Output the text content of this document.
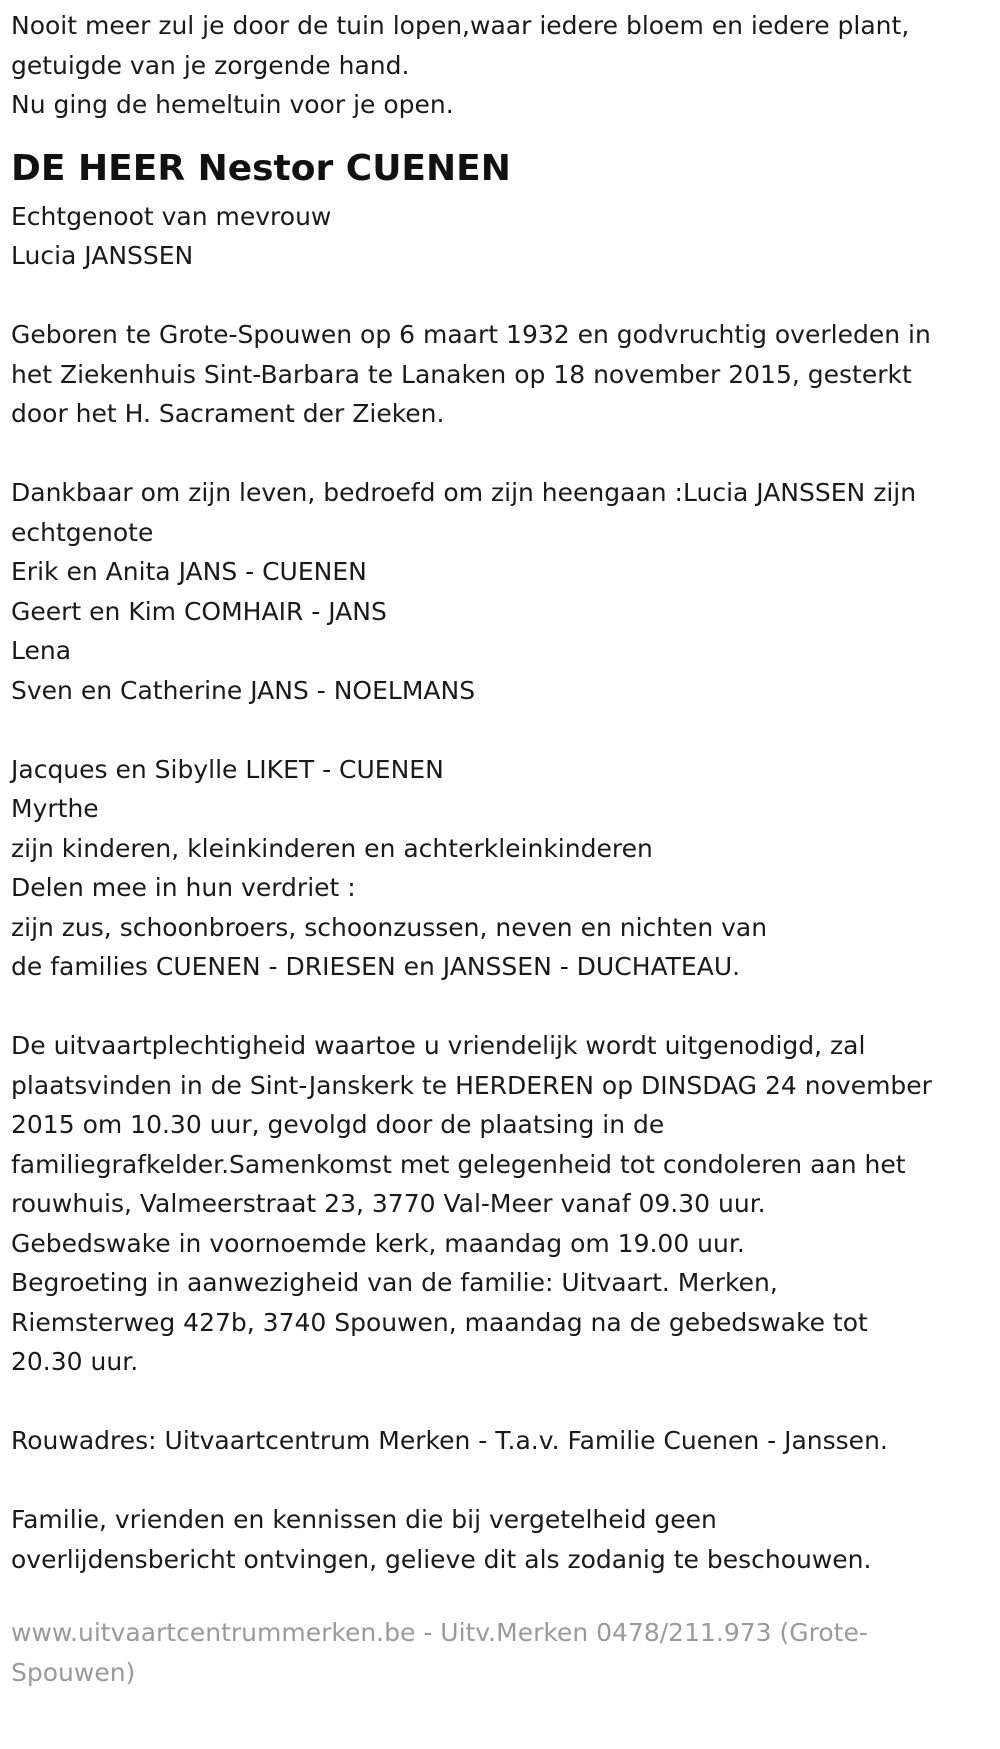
Nooit meer zul je door de tuin lopen,waar iedere bloem en iedere plant,

getuigde van je zorgende hand.

Nu ging de hemeltuin voor je open.

DE HEER Nestor CUENEN

Echtgenoot van mevrouw

Lucia JANSSEN

Geboren te Grote-Spouwen op 6 maart 1932 en godvruchtig overleden in

het Ziekenhuis Sint-Barbara te Lanaken op 18 november 2015, gesterkt

door het H. Sacrament der Zieken.

Dankbaar om zijn leven, bedroefd om zijn heengaan :Lucia JANSSEN zijn

echtgenote

Erik en Anita JANS - CUENEN

Geert en Kim COMHAIR - JANS

Lena

Sven en Catherine JANS - NOELMANS

Jacques en Sibylle LIKET - CUENEN

Myrthe

zijn kinderen, kleinkinderen en achterkleinkinderen

Delen mee in hun verdriet :

zijn zus, schoonbroers, schoonzussen, neven en nichten van

de families CUENEN - DRIESEN en JANSSEN - DUCHATEAU.

De uitvaartplechtigheid waartoe u vriendelijk wordt uitgenodigd, zal

plaatsvinden in de Sint-Janskerk te HERDEREN op DINSDAG 24 november

2015 om 10.30 uur, gevolgd door de plaatsing in de

familiegrafkelder.Samenkomst met gelegenheid tot condoleren aan het

rouwhuis, Valmeerstraat 23, 3770 Val-Meer vanaf 09.30 uur.

Gebedswake in voornoemde kerk, maandag om 19.00 uur.

Begroeting in aanwezigheid van de familie: Uitvaart. Merken,

Riemsterweg 427b, 3740 Spouwen, maandag na de gebedswake tot

20.30 uur.

Rouwadres: Uitvaartcentrum Merken - T.a.v. Familie Cuenen - Janssen.

Familie, vrienden en kennissen die bij vergetelheid geen

overlijdensbericht ontvingen, gelieve dit als zodanig te beschouwen.

www.uitvaartcentrummerken.be - Uitv.Merken 0478/211.973 (Grote-
Spouwen)
